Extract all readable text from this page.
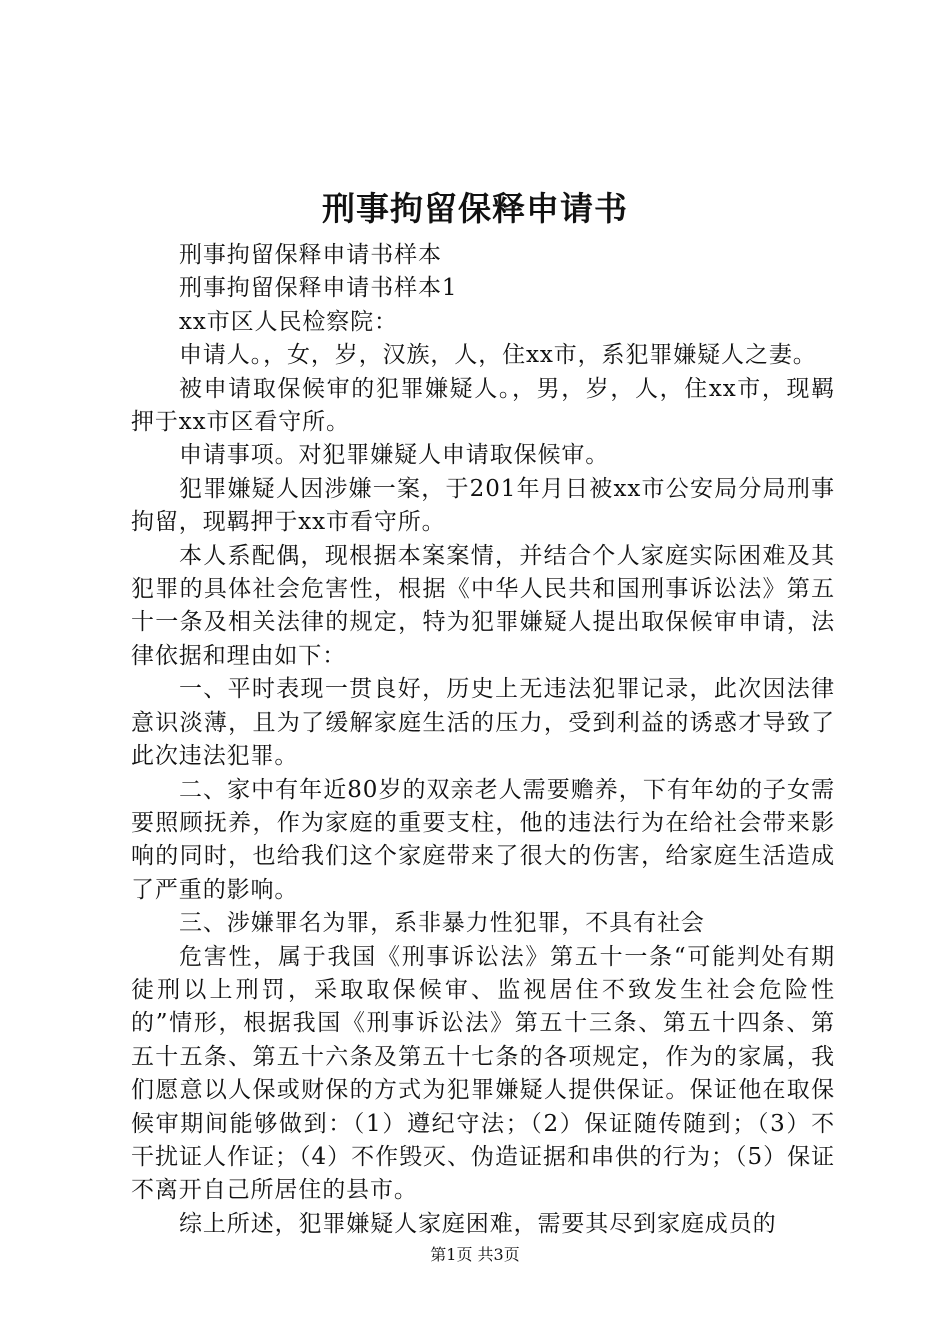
刑事拘留保释申请书

刑事拘留保释申请书样本

刑事拘留保释申请书样本1

xx市区人民检察院：

申请人。，女，岁，汉族，人，住xx市，系犯罪嫌疑人之妻。

被申请取保候审的犯罪嫌疑人。，男，岁，人，住xx市，现羁押于xx市区看守所。

申请事项。对犯罪嫌疑人申请取保候审。

犯罪嫌疑人因涉嫌一案，于201年月日被xx市公安局分局刑事拘留，现羁押于xx市看守所。

本人系配偶，现根据本案案情，并结合个人家庭实际困难及其犯罪的具体社会危害性，根据《中华人民共和国刑事诉讼法》第五十一条及相关法律的规定，特为犯罪嫌疑人提出取保候审申请，法律依据和理由如下：

一、平时表现一贯良好，历史上无违法犯罪记录，此次因法律意识淡薄，且为了缓解家庭生活的压力，受到利益的诱惑才导致了此次违法犯罪。

二、家中有年近80岁的双亲老人需要赡养，下有年幼的子女需要照顾抚养，作为家庭的重要支柱，他的违法行为在给社会带来影响的同时，也给我们这个家庭带来了很大的伤害，给家庭生活造成了严重的影响。

三、涉嫌罪名为罪，系非暴力性犯罪，不具有社会

危害性，属于我国《刑事诉讼法》第五十一条“可能判处有期徒刑以上刑罚，采取取保候审、监视居住不致发生社会危险性的”情形，根据我国《刑事诉讼法》第五十三条、第五十四条、第五十五条、第五十六条及第五十七条的各项规定，作为的家属，我们愿意以人保或财保的方式为犯罪嫌疑人提供保证。保证他在取保候审期间能够做到：（1）遵纪守法；（2）保证随传随到；（3）不干扰证人作证；（4）不作毁灭、伪造证据和串供的行为；（5）保证不离开自己所居住的县市。

综上所述，犯罪嫌疑人家庭困难，需要其尽到家庭成员的

第1页 共3页
